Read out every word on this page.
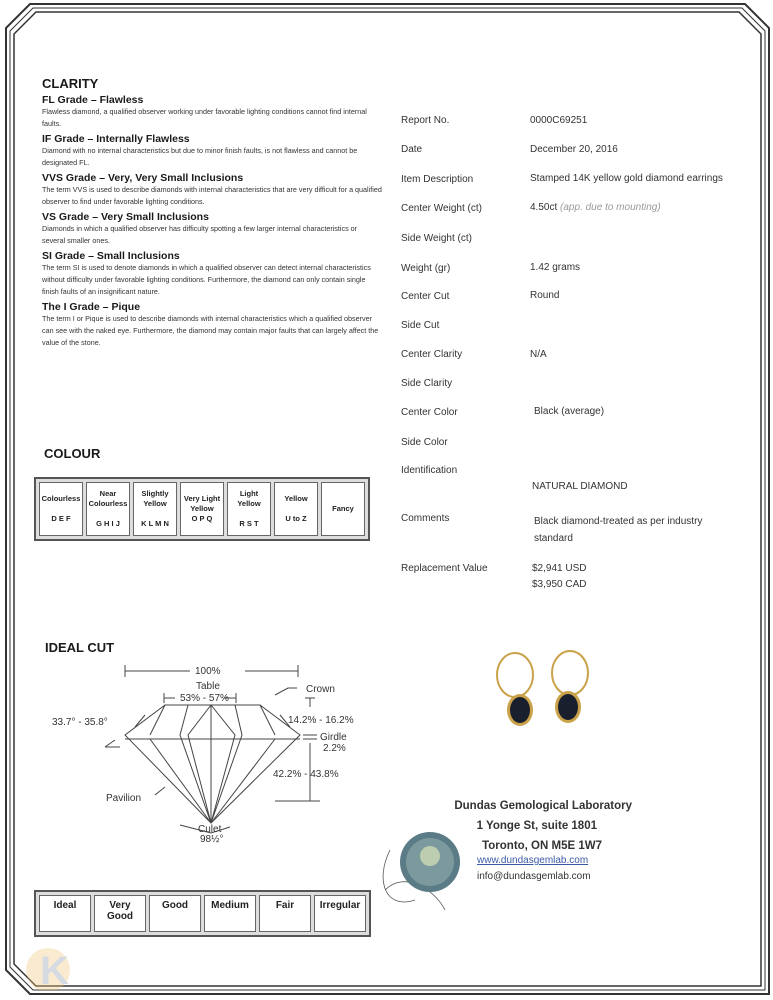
CLARITY
FL Grade – Flawless
Flawless diamond, a qualified observer working under favorable lighting conditions cannot find internal faults.
IF Grade – Internally Flawless
Diamond with no internal characteristics but due to minor finish faults, is not flawless and cannot be designated FL.
VVS Grade – Very, Very Small Inclusions
The term VVS is used to describe diamonds with internal characteristics that are very difficult for a qualified observer to find under favorable lighting conditions.
VS Grade – Very Small Inclusions
Diamonds in which a qualified observer has difficulty spotting a few larger internal characteristics or several smaller ones.
SI Grade – Small Inclusions
The term SI is used to denote diamonds in which a qualified observer can detect internal characteristics without difficulty under favorable lighting conditions. Furthermore, the diamond can only contain single finish faults of an insignificant nature.
The I Grade – Pique
The term I or Pique is used to describe diamonds with internal characteristics which a qualified observer can see with the naked eye. Furthermore, the diamond may contain major faults that can largely affect the value of the stone.
COLOUR
Colourless

D E F

Near Colourless

G H I J

Slightly Yellow

K L M N

Very Light Yellow
O P Q

Light Yellow

R S T

Yellow

U to Z

Fancy
IDEAL CUT
100%
Table
53% - 57%
Crown
33.7° - 35.8°	14.2% - 16.2%
Girdle
2.2%
42.2% - 43.8%
Pavilion
Culet
98½°
Ideal	Very Good	Good	Medium	Fair	Irregular
Report No.	0000C69251
Date	December 20, 2016
Item Description	Stamped 14K yellow gold diamond earrings
Center Weight (ct)	4.50ct (app. due to mounting)
Side Weight (ct)
Weight (gr)	1.42 grams
Center Cut	Round
Side Cut
Center Clarity	N/A
Side Clarity
Center Color	Black (average)
Side Color
Identification
NATURAL DIAMOND
Comments	Black diamond-treated as per industry standard
Replacement Value	$2,941 USD
$3,950 CAD
Dundas Gemological Laboratory
1 Yonge St, suite 1801
Toronto, ON M5E 1W7
www.dundasgemlab.com
info@dundasgemlab.com
K
